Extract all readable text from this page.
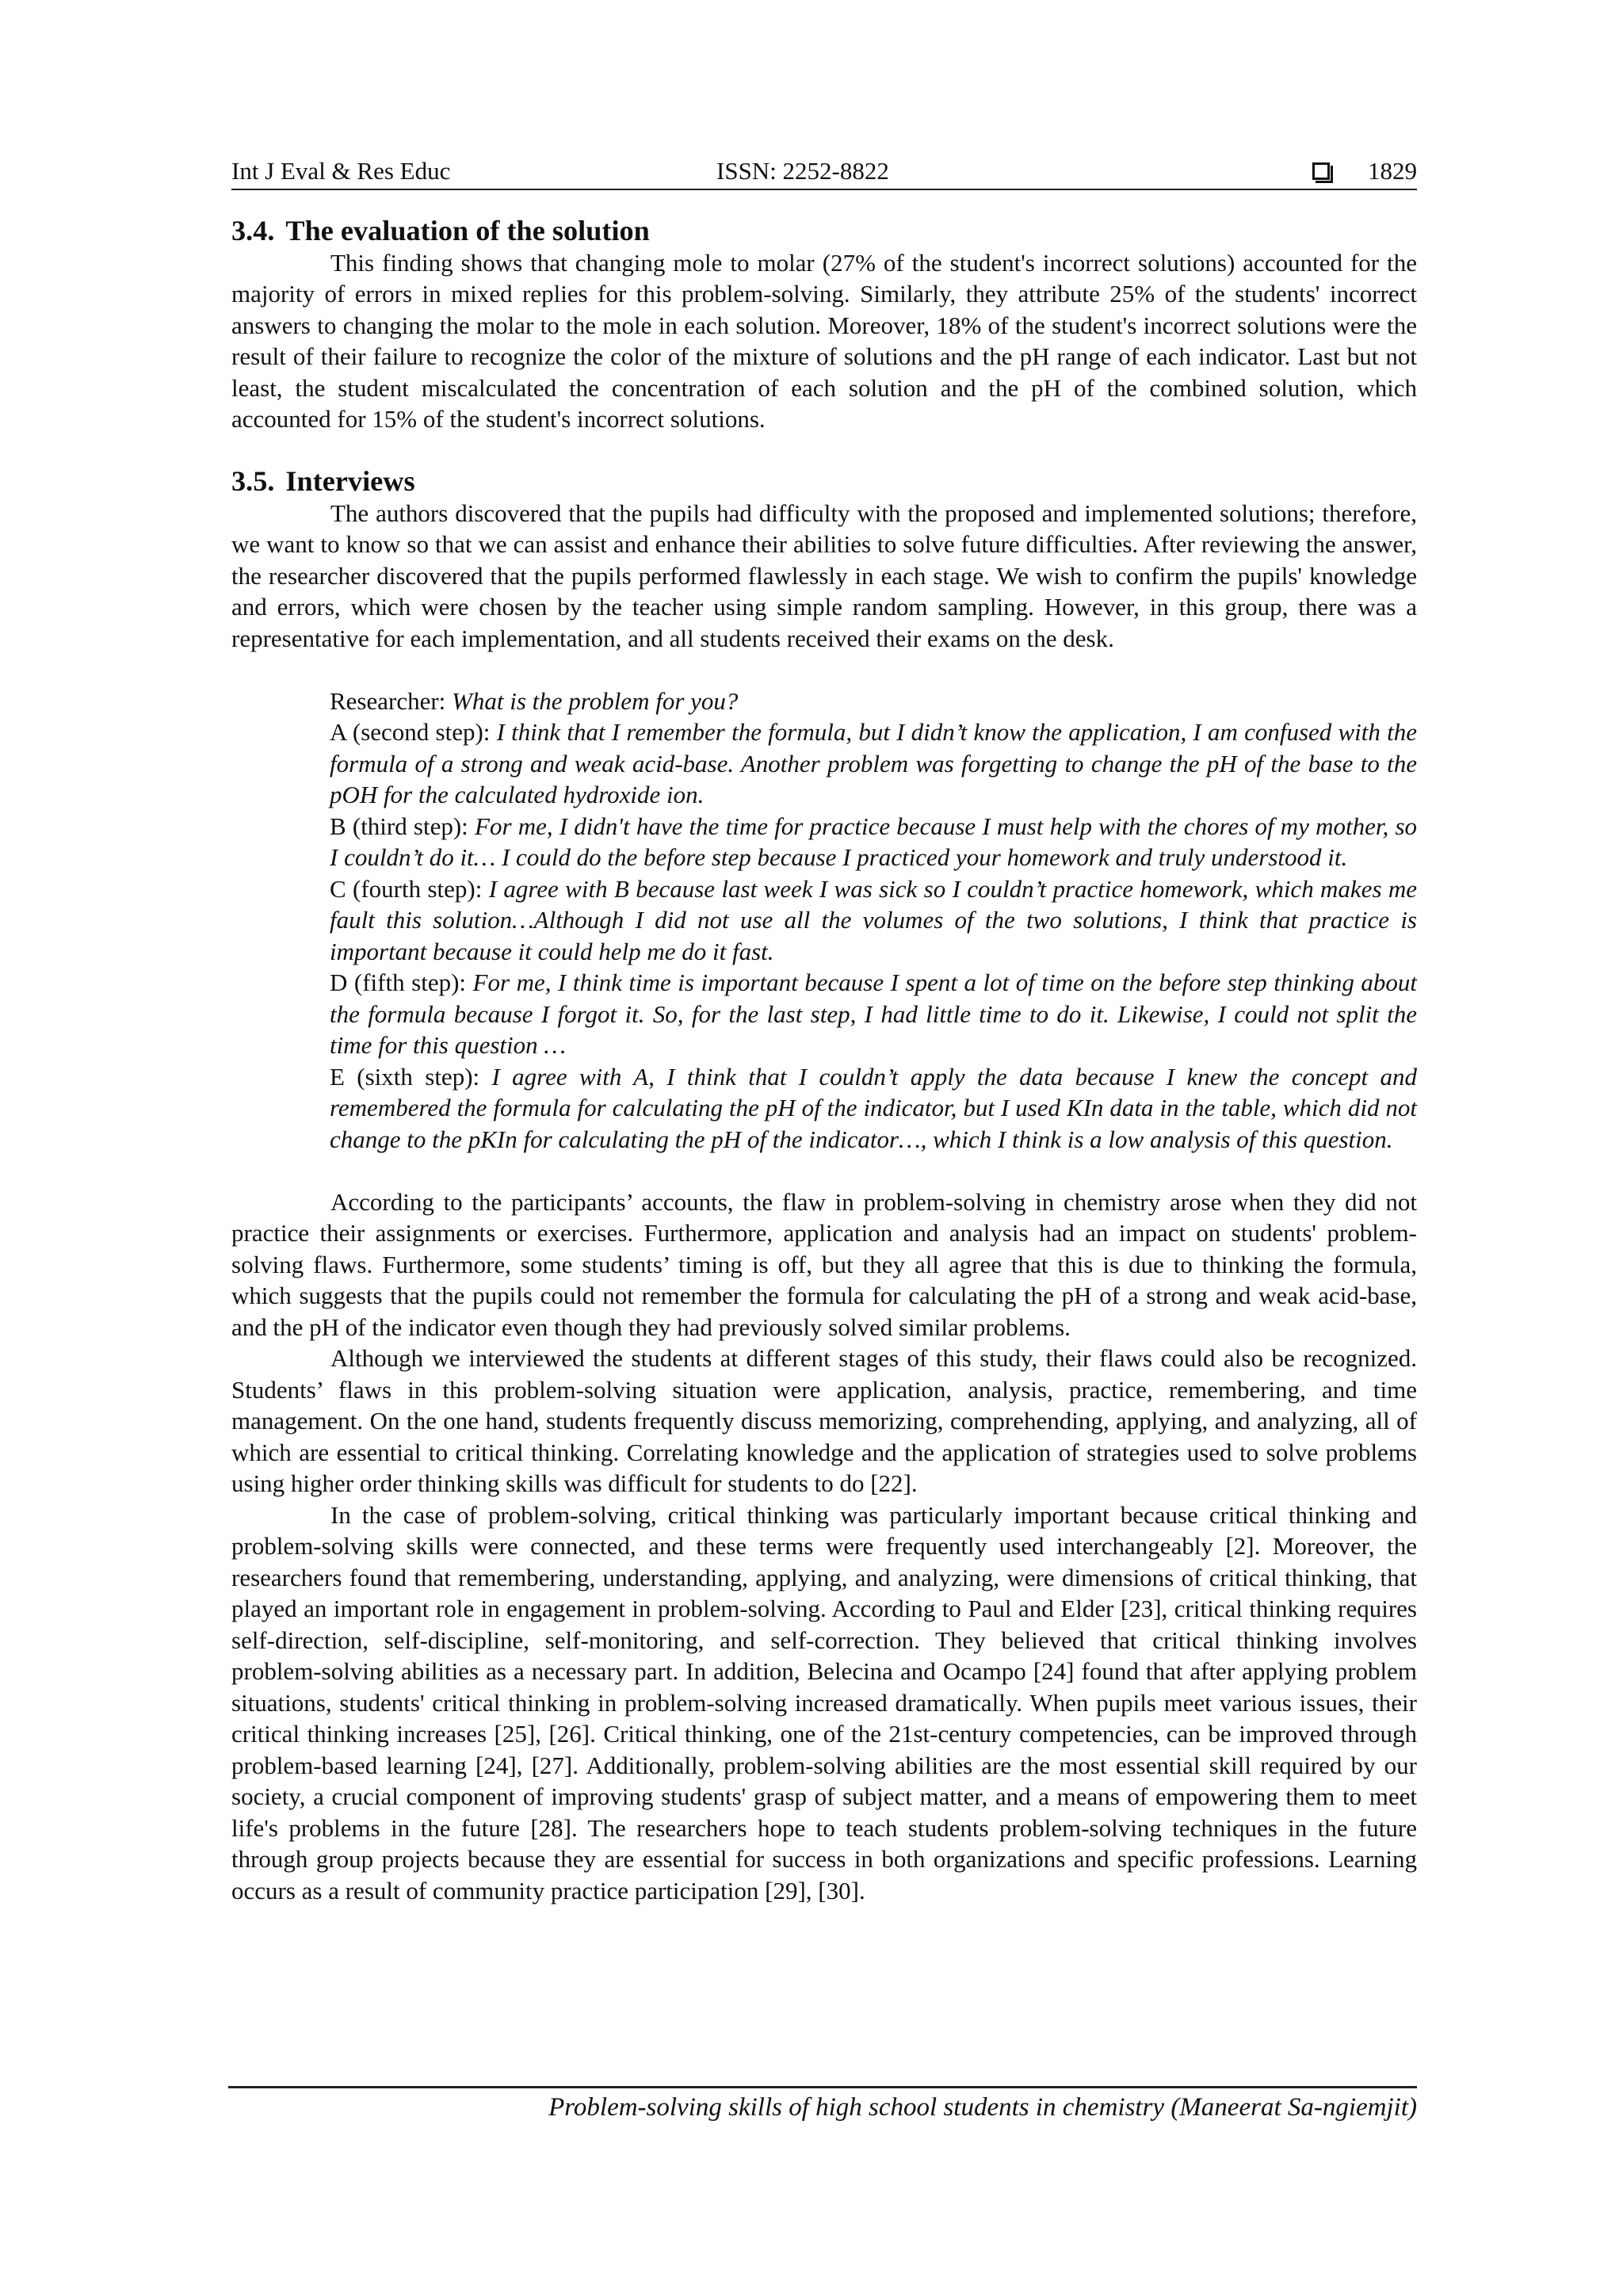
Int J Eval & Res Educ	ISSN: 2252-8822	1829
3.4. The evaluation of the solution

This finding shows that changing mole to molar (27% of the student's incorrect solutions) accounted for the majority of errors in mixed replies for this problem-solving. Similarly, they attribute 25% of the students' incorrect answers to changing the molar to the mole in each solution. Moreover, 18% of the student's incorrect solutions were the result of their failure to recognize the color of the mixture of solutions and the pH range of each indicator. Last but not least, the student miscalculated the concentration of each solution and the pH of the combined solution, which accounted for 15% of the student's incorrect solutions.

3.5. Interviews

The authors discovered that the pupils had difficulty with the proposed and implemented solutions; therefore, we want to know so that we can assist and enhance their abilities to solve future difficulties. After reviewing the answer, the researcher discovered that the pupils performed flawlessly in each stage. We wish to confirm the pupils' knowledge and errors, which were chosen by the teacher using simple random sampling. However, in this group, there was a representative for each implementation, and all students received their exams on the desk.

Researcher: What is the problem for you?

A (second step): I think that I remember the formula, but I didn’t know the application, I am confused with the formula of a strong and weak acid-base. Another problem was forgetting to change the pH of the base to the pOH for the calculated hydroxide ion.

B (third step): For me, I didn't have the time for practice because I must help with the chores of my mother, so I couldn’t do it… I could do the before step because I practiced your homework and truly understood it.

C (fourth step): I agree with B because last week I was sick so I couldn’t practice homework, which makes me fault this solution…Although I did not use all the volumes of the two solutions, I think that practice is important because it could help me do it fast.

D (fifth step): For me, I think time is important because I spent a lot of time on the before step thinking about the formula because I forgot it. So, for the last step, I had little time to do it. Likewise, I could not split the time for this question …

E (sixth step): I agree with A, I think that I couldn’t apply the data because I knew the concept and remembered the formula for calculating the pH of the indicator, but I used KIn data in the table, which did not change to the pKIn for calculating the pH of the indicator…, which I think is a low analysis of this question.

According to the participants’ accounts, the flaw in problem-solving in chemistry arose when they did not practice their assignments or exercises. Furthermore, application and analysis had an impact on students' problem-solving flaws. Furthermore, some students’ timing is off, but they all agree that this is due to thinking the formula, which suggests that the pupils could not remember the formula for calculating the pH of a strong and weak acid-base, and the pH of the indicator even though they had previously solved similar problems.

Although we interviewed the students at different stages of this study, their flaws could also be recognized. Students’ flaws in this problem-solving situation were application, analysis, practice, remembering, and time management. On the one hand, students frequently discuss memorizing, comprehending, applying, and analyzing, all of which are essential to critical thinking. Correlating knowledge and the application of strategies used to solve problems using higher order thinking skills was difficult for students to do [22].

In the case of problem-solving, critical thinking was particularly important because critical thinking and problem-solving skills were connected, and these terms were frequently used interchangeably [2]. Moreover, the researchers found that remembering, understanding, applying, and analyzing, were dimensions of critical thinking, that played an important role in engagement in problem-solving. According to Paul and Elder [23], critical thinking requires self-direction, self-discipline, self-monitoring, and self-correction. They believed that critical thinking involves problem-solving abilities as a necessary part. In addition, Belecina and Ocampo [24] found that after applying problem situations, students' critical thinking in problem-solving increased dramatically. When pupils meet various issues, their critical thinking increases [25], [26]. Critical thinking, one of the 21st-century competencies, can be improved through problem-based learning [24], [27]. Additionally, problem-solving abilities are the most essential skill required by our society, a crucial component of improving students' grasp of subject matter, and a means of empowering them to meet life's problems in the future [28]. The researchers hope to teach students problem-solving techniques in the future through group projects because they are essential for success in both organizations and specific professions. Learning occurs as a result of community practice participation [29], [30].

Problem-solving skills of high school students in chemistry (Maneerat Sa-ngiemjit)
